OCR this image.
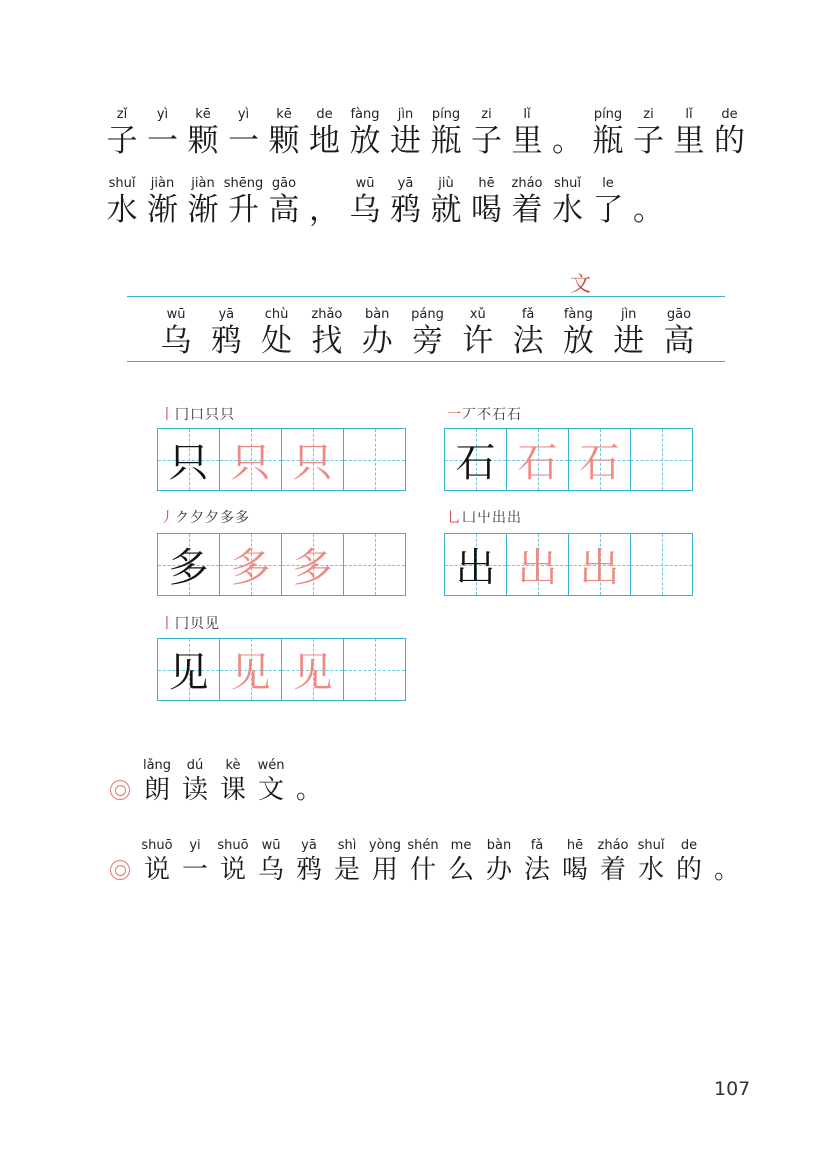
zǐ
子
yì
一
kē
颗
yì
一
kē
颗
de
地
fàng
放
jìn
进
píng
瓶
zi
子
lǐ
里 。
píng
瓶
zi
子
lǐ
里
de
的
shuǐ
水
jiàn
渐
jiàn
渐
shēng
升
gāo
高 ，
wū
乌
yā
鸦
jiù
就
hē
喝
zháo
着
shuǐ
水
le
了 。
文
wū
乌
yā
鸦
chù
处
zhǎo
找
bàn
办
páng
旁
xǔ
许
fǎ
法
fàng
放
jìn
进
gāo
高
丨冂口只只
只 只 只
一丆不石石
石 石 石
丿ク夕夕多多
多 多 多
乚凵屮出出
出 出 出
丨冂贝见
见 见 见
lǎng
朗
dú
读
kè
课
wén
文 。
shuō
说
yi
一
shuō
说
wū
乌
yā
鸦
shì
是
yòng
用
shén
什
me
么
bàn
办
fǎ
法
hē
喝
zháo
着
shuǐ
水
de
的 。
107
